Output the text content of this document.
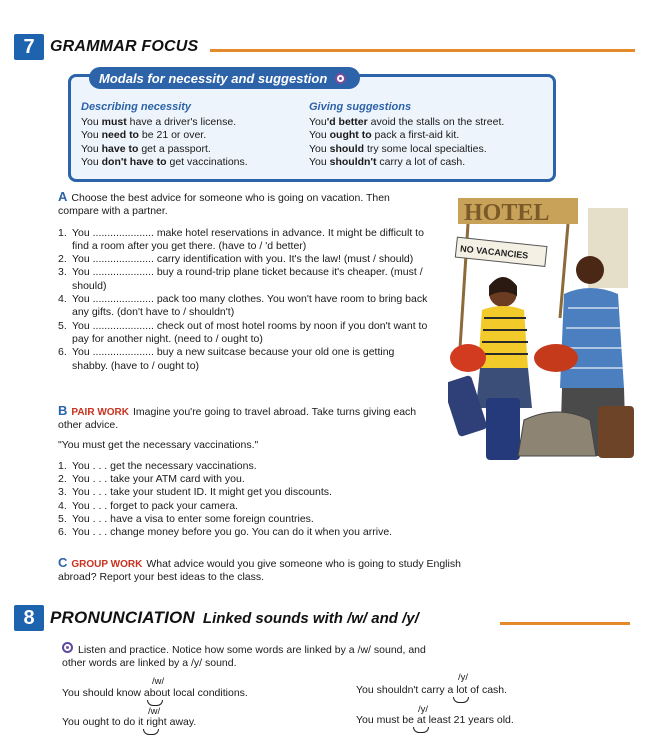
7 GRAMMAR FOCUS
Modals for necessity and suggestion
Describing necessity
You must have a driver's license.
You need to be 21 or over.
You have to get a passport.
You don't have to get vaccinations.
Giving suggestions
You'd better avoid the stalls on the street.
You ought to pack a first-aid kit.
You should try some local specialties.
You shouldn't carry a lot of cash.
A Choose the best advice for someone who is going on vacation. Then compare with a partner.
1. You ..................... make hotel reservations in advance. It might be difficult to find a room after you get there. (have to / 'd better)
2. You ..................... carry identification with you. It's the law! (must / should)
3. You ..................... buy a round-trip plane ticket because it's cheaper. (must / should)
4. You ..................... pack too many clothes. You won't have room to bring back any gifts. (don't have to / shouldn't)
5. You ..................... check out of most hotel rooms by noon if you don't want to pay for another night. (need to / ought to)
6. You ..................... buy a new suitcase because your old one is getting shabby. (have to / ought to)
HOTEL
NO VACANCIES
B PAIR WORK Imagine you're going to travel abroad. Take turns giving each other advice.
"You must get the necessary vaccinations."
1. You . . . get the necessary vaccinations.
2. You . . . take your ATM card with you.
3. You . . . take your student ID. It might get you discounts.
4. You . . . forget to pack your camera.
5. You . . . have a visa to enter some foreign countries.
6. You . . . change money before you go. You can do it when you arrive.
C GROUP WORK What advice would you give someone who is going to study English abroad? Report your best ideas to the class.
8 PRONUNCIATION Linked sounds with /w/ and /y/
Listen and practice. Notice how some words are linked by a /w/ sound, and other words are linked by a /y/ sound.
/w/
You should know about local conditions.
/y/
You shouldn't carry a lot of cash.
/w/
You ought to do it right away.
/y/
You must be at least 21 years old.
